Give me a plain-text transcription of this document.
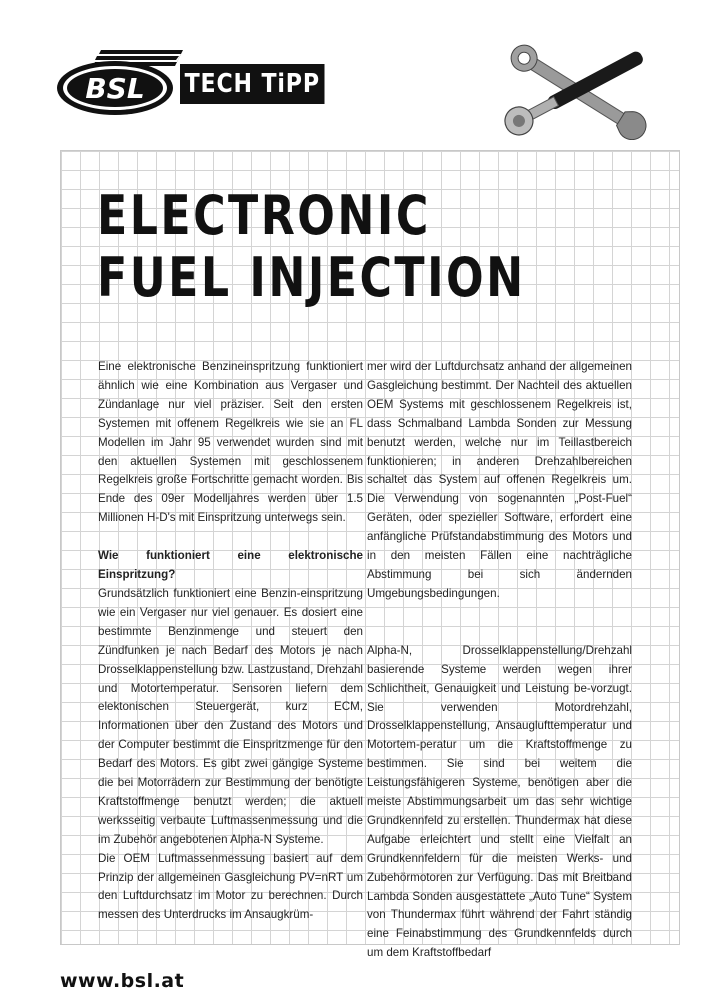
BSL TECH TiPP
ELECTRONIC
FUEL INJECTION

Eine elektronische Benzineinspritzung funktioniert ähnlich wie eine Kombination aus Vergaser und Zündanlage nur viel präziser. Seit den ersten Systemen mit offenem Regelkreis wie sie an FL Modellen im Jahr 95 verwendet wurden sind mit den aktuellen Systemen mit geschlossenem Regelkreis große Fortschritte gemacht worden. Bis Ende des 09er Modelljahres werden über 1.5 Millionen H-D's mit Einspritzung unterwegs sein.

Wie funktioniert eine elektronische Einspritzung?

Grundsätzlich funktioniert eine Benzin-einspritzung wie ein Vergaser nur viel genauer. Es dosiert eine bestimmte Benzinmenge und steuert den Zündfunken je nach Bedarf des Motors je nach Drosselklappenstellung bzw. Lastzustand, Drehzahl und Motortemperatur. Sensoren liefern dem elektonischen Steuergerät, kurz ECM, Informationen über den Zustand des Motors und der Computer bestimmt die Einspritzmenge für den Bedarf des Motors. Es gibt zwei gängige Systeme die bei Motorrädern zur Bestimmung der benötigte Kraftstoffmenge benutzt werden; die aktuell werksseitig verbaute Luftmassenmessung und die im Zubehör angebotenen Alpha-N Systeme.

Die OEM Luftmassenmessung basiert auf dem Prinzip der allgemeinen Gasgleichung PV=nRT um den Luftdurchsatz im Motor zu berechnen. Durch messen des Unterdrucks im Ansaugkrüm-

mer wird der Luftdurchsatz anhand der allgemeinen Gasgleichung bestimmt. Der Nachteil des aktuellen OEM Systems mit geschlossenem Regelkreis ist, dass Schmalband Lambda Sonden zur Messung benutzt werden, welche nur im Teillastbereich funktionieren; in anderen Drehzahlbereichen schaltet das System auf offenen Regelkreis um. Die Verwendung von sogenannten „Post-Fuel“ Geräten, oder spezieller Software, erfordert eine anfängliche Prüfstandabstimmung des Motors und in den meisten Fällen eine nachträgliche Abstimmung bei sich ändernden Umgebungsbedingungen.

Alpha-N, Drosselklappenstellung/Drehzahl basierende Systeme werden wegen ihrer Schlichtheit, Genauigkeit und Leistung be-vorzugt. Sie verwenden Motordrehzahl, Drosselklappenstellung, Ansauglufttemperatur und Motortem-peratur um die Kraftstoffmenge zu bestimmen. Sie sind bei weitem die Leistungsfähigeren Systeme, benötigen aber die meiste Abstimmungsarbeit um das sehr wichtige Grundkennfeld zu erstellen. Thundermax hat diese Aufgabe erleichtert und stellt eine Vielfalt an Grundkennfeldern für die meisten Werks- und Zubehörmotoren zur Verfügung. Das mit Breitband Lambda Sonden ausgestattete „Auto Tune“ System von Thundermax führt während der Fahrt ständig eine Feinabstimmung des Grundkennfelds durch um dem Kraftstoffbedarf

www.bsl.at
